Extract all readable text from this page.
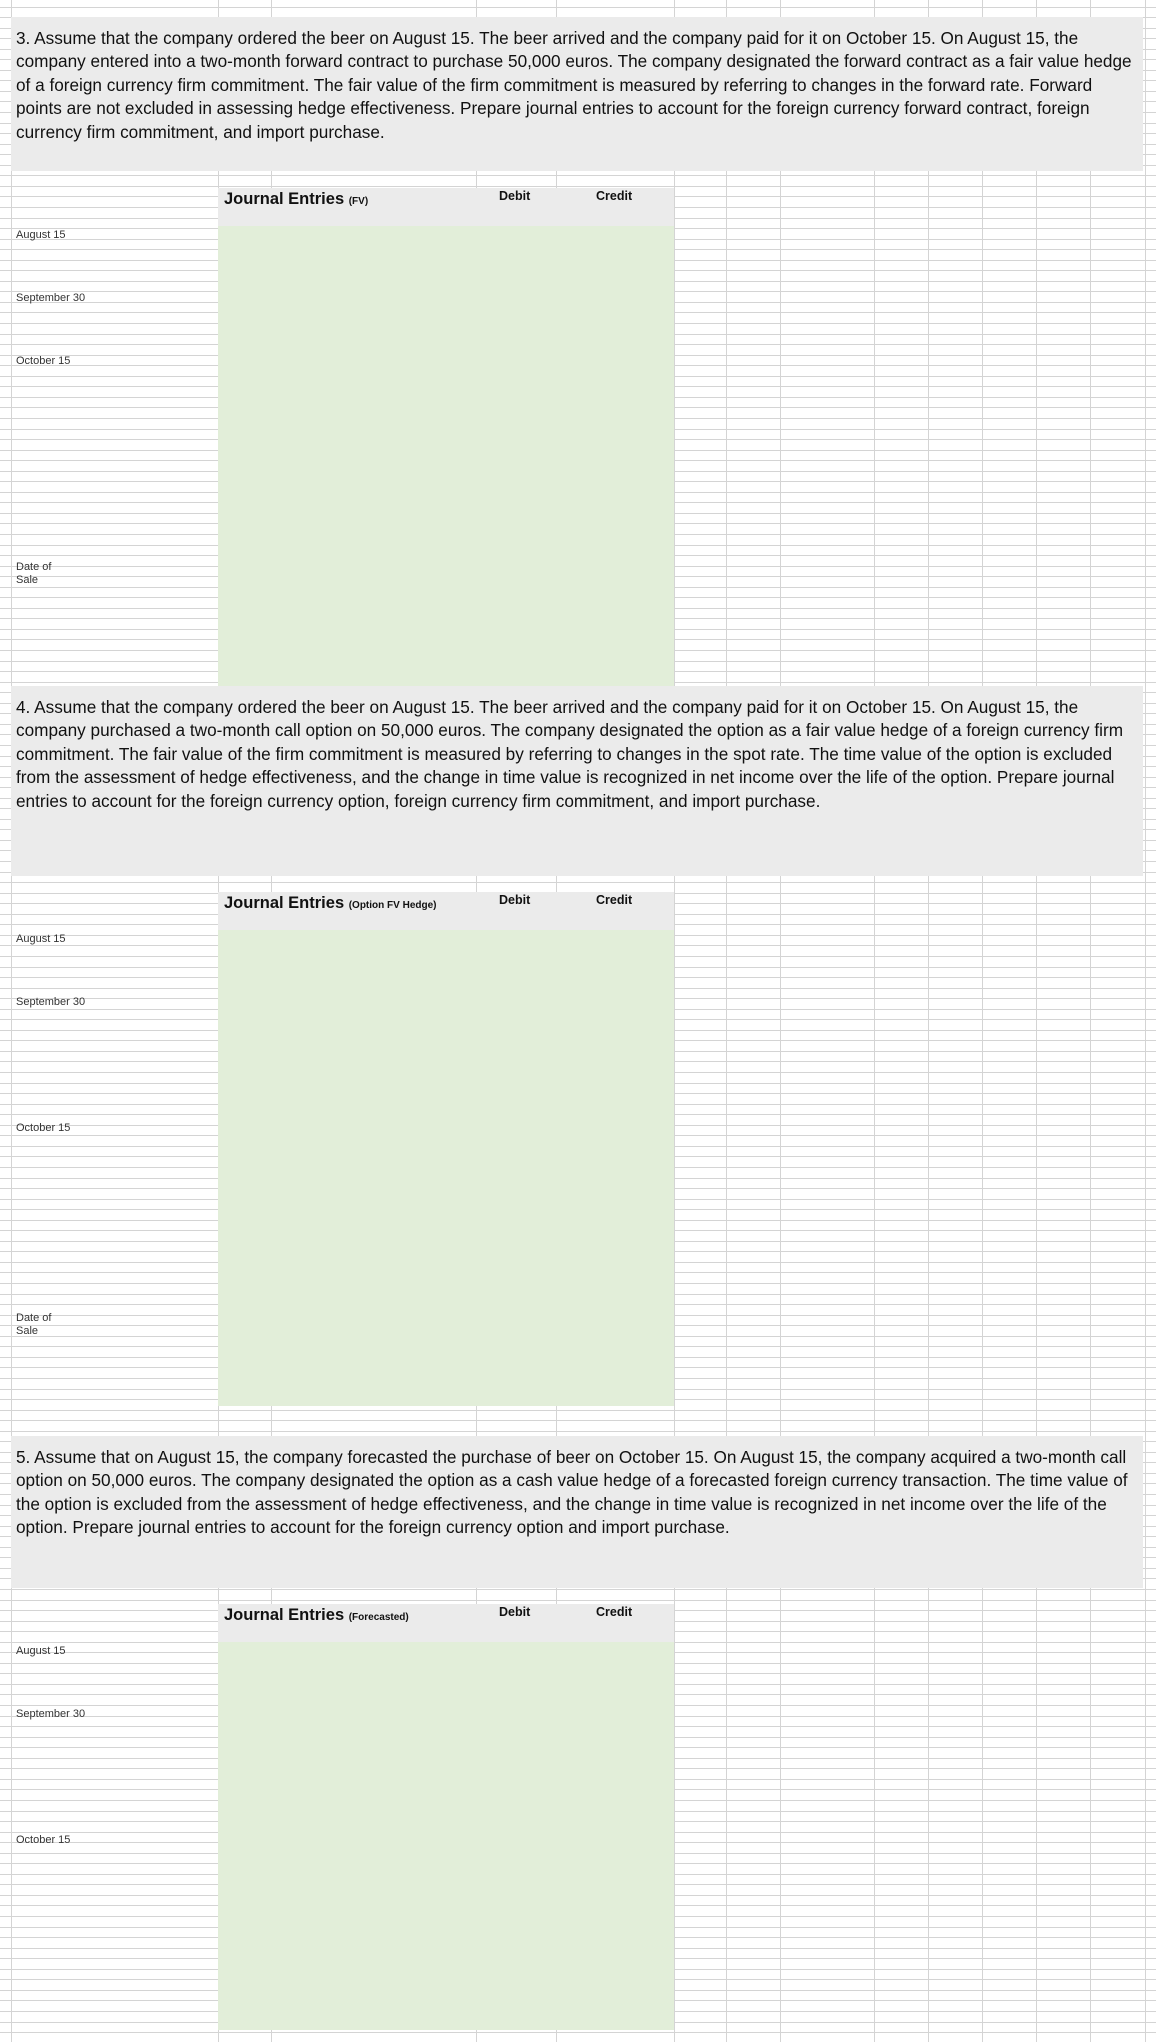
3. Assume that the company ordered the beer on August 15. The beer arrived and the company paid for it on October 15. On August 15, the company entered into a two-month forward contract to purchase 50,000 euros. The company designated the forward contract as a fair value hedge of a foreign currency firm commitment. The fair value of the firm commitment is measured by referring to changes in the forward rate. Forward points are not excluded in assessing hedge effectiveness. Prepare journal entries to account for the foreign currency forward contract, foreign currency firm commitment, and import purchase.

Journal Entries (FV)	Debit	Credit
August 15
September 30
October 15
Date of Sale

4. Assume that the company ordered the beer on August 15. The beer arrived and the company paid for it on October 15. On August 15, the company purchased a two-month call option on 50,000 euros. The company designated the option as a fair value hedge of a foreign currency firm commitment. The fair value of the firm commitment is measured by referring to changes in the spot rate. The time value of the option is excluded from the assessment of hedge effectiveness, and the change in time value is recognized in net income over the life of the option. Prepare journal entries to account for the foreign currency option, foreign currency firm commitment, and import purchase.

Journal Entries (Option FV Hedge)	Debit	Credit
August 15
September 30
October 15
Date of Sale

5. Assume that on August 15, the company forecasted the purchase of beer on October 15. On August 15, the company acquired a two-month call option on 50,000 euros. The company designated the option as a cash value hedge of a forecasted foreign currency transaction. The time value of the option is excluded from the assessment of hedge effectiveness, and the change in time value is recognized in net income over the life of the option. Prepare journal entries to account for the foreign currency option and import purchase.

Journal Entries (Forecasted)	Debit	Credit
August 15
September 30
October 15
